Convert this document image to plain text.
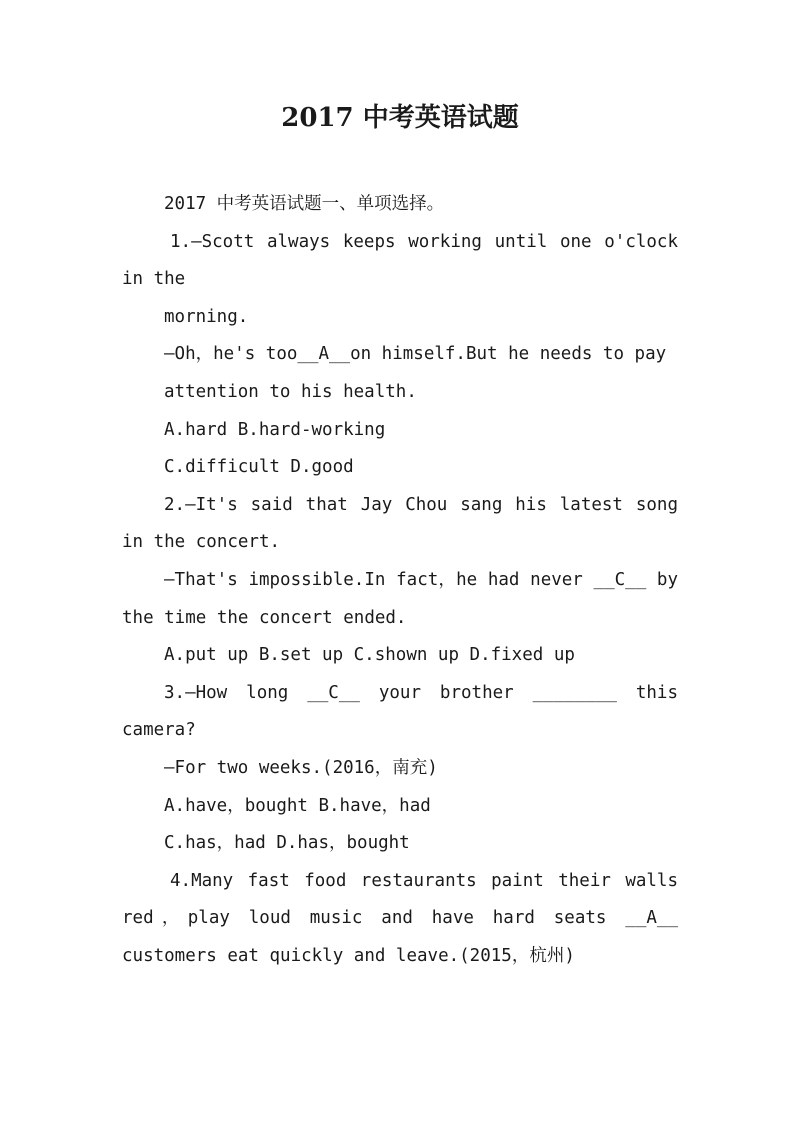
2017 中考英语试题

2017 中考英语试题一、单项选择。

1.—Scott always keeps working until one o'clock in the

morning.

—Oh，he's too__A__on himself.But he needs to pay

attention to his health.

A.hard B.hard-working

C.difficult D.good

2.—It's said that Jay Chou sang his latest song in the concert.

—That's impossible.In fact，he had never __C__ by the time the concert ended.

A.put up B.set up C.shown up D.fixed up

3.—How long __C__ your brother ________ this camera?

—For two weeks.(2016，南充)

A.have，bought B.have，had

C.has，had D.has，bought

4.Many fast food restaurants paint their walls red，play loud music and have hard seats __A__ customers eat quickly and leave.(2015，杭州)
